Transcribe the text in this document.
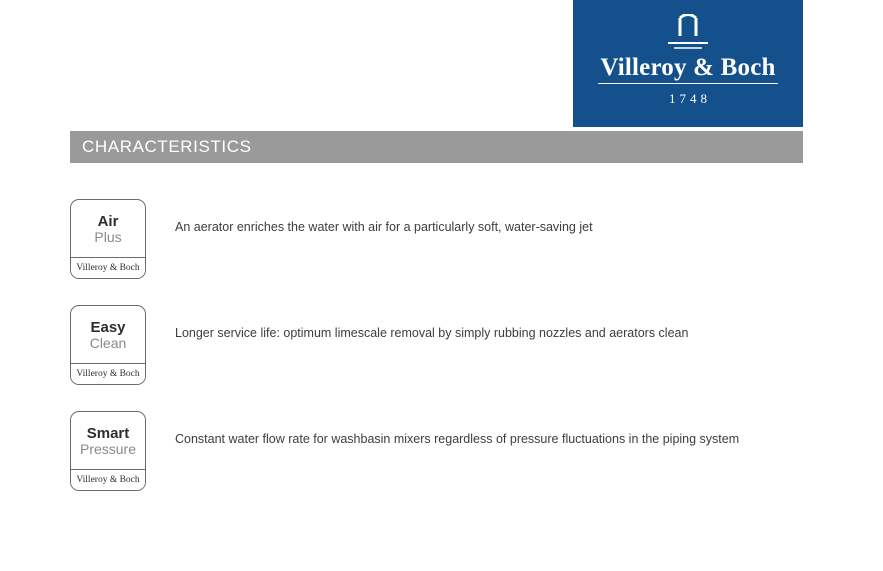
Villeroy & Boch
1748
CHARACTERISTICS
Air
Plus
Villeroy & Boch
An aerator enriches the water with air for a particularly soft, water-saving jet
Easy
Clean
Villeroy & Boch
Longer service life: optimum limescale removal by simply rubbing nozzles and aerators clean
Smart
Pressure
Villeroy & Boch
Constant water flow rate for washbasin mixers regardless of pressure fluctuations in the piping system
